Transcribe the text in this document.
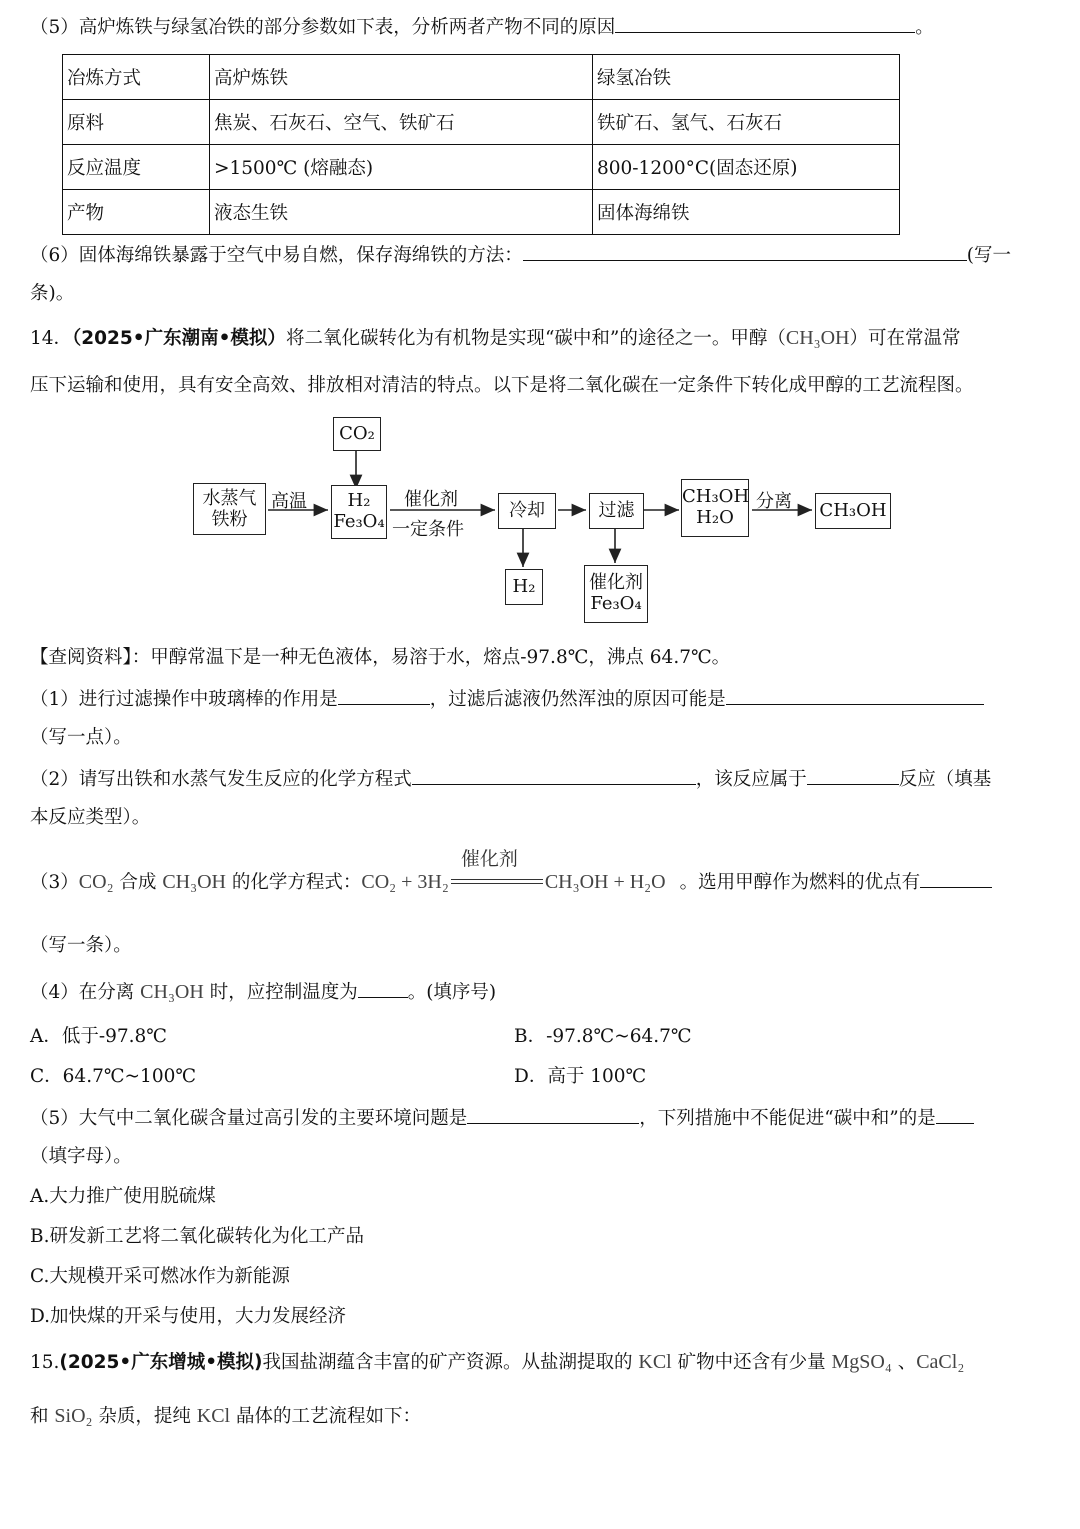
（5）高炉炼铁与绿氢冶铁的部分参数如下表，分析两者产物不同的原因	。
冶炼方式	高炉炼铁	绿氢冶铁
原料	焦炭、石灰石、空气、铁矿石	铁矿石、氢气、石灰石
反应温度	>1500℃ (熔融态)	800-1200°C(固态还原)
产物	液态生铁	固体海绵铁
（6）固体海绵铁暴露于空气中易自燃，保存海绵铁的方法：	(写一
条)。
14．（2025•广东潮南•模拟）将二氧化碳转化为有机物是实现“碳中和”的途径之一。甲醇（CH₃OH）可在常温常
压下运输和使用，具有安全高效、排放相对清洁的特点。以下是将二氧化碳在一定条件下转化成甲醇的工艺流程图。
CO₂
水蒸气
铁粉
高温	H₂
Fe₃O₄
催化剂
一定条件
冷却	过滤
CH₃OH
H₂O
分离 CH₃OH
H₂	催化剂
Fe₃O₄
【查阅资料】：甲醇常温下是一种无色液体，易溶于水，熔点-97.8℃，沸点 64.7℃。
（1）进行过滤操作中玻璃棒的作用是	，过滤后滤液仍然浑浊的原因可能是
（写一点）。
（2）请写出铁和水蒸气发生反应的化学方程式	，该反应属于	反应（填基
本反应类型）。
（3）CO₂ 合成 CH₃OH 的化学方程式：CO₂ + 3H₂
催化剂
CH₃OH + H₂O 。选用甲醇作为燃料的优点有
（写一条）。
（4）在分离 CH₃OH 时，应控制温度为	。(填序号)
A．低于-97.8℃	B．-97.8℃~64.7℃
C．64.7℃~100℃	D．高于 100℃
（5）大气中二氧化碳含量过高引发的主要环境问题是	，下列措施中不能促进“碳中和”的是
（填字母）。
A.大力推广使用脱硫煤
B.研发新工艺将二氧化碳转化为化工产品
C.大规模开采可燃冰作为新能源
D.加快煤的开采与使用，大力发展经济
15.(2025•广东增城•模拟)我国盐湖蕴含丰富的矿产资源。从盐湖提取的 KCl 矿物中还含有少量 MgSO₄ 、CaCl₂
和 SiO₂ 杂质，提纯 KCl 晶体的工艺流程如下：
